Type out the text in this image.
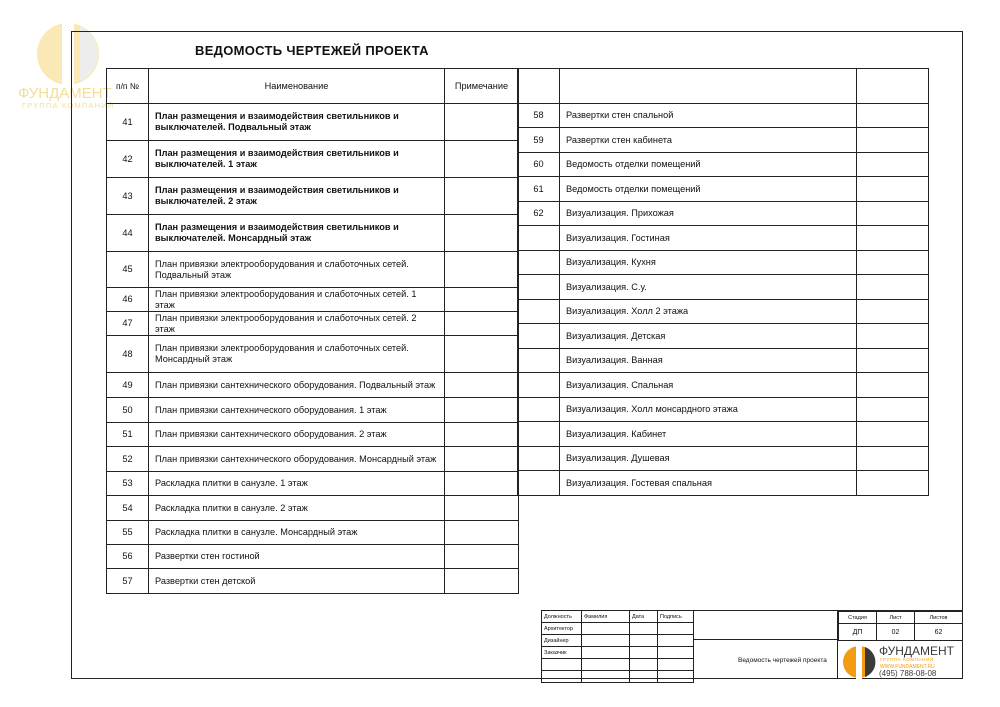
ФУНДАМЕНТ
ГРУППА КОМПАНИЙ
ВЕДОМОСТЬ ЧЕРТЕЖЕЙ ПРОЕКТА
п/п №	Наименование	Примечание
41	План размещения и взаимодействия светильников и выключателей. Подвальный этаж	
42	План размещения и взаимодействия светильников и выключателей. 1 этаж	
43	План размещения и взаимодействия светильников и выключателей. 2 этаж	
44	План размещения и взаимодействия светильников и выключателей. Монсардный этаж	
45	План привязки электрооборудования и слаботочных сетей. Подвальный этаж	
46	План привязки электрооборудования и слаботочных сетей. 1 этаж	
47	План привязки электрооборудования и слаботочных сетей. 2 этаж	
48	План привязки электрооборудования и слаботочных сетей. Монсардный этаж	
49	План привязки сантехнического оборудования. Подвальный этаж	
50	План привязки сантехнического оборудования. 1 этаж	
51	План привязки сантехнического оборудования. 2 этаж	
52	План привязки сантехнического оборудования. Монсардный этаж	
53	Раскладка плитки в санузле. 1 этаж	
54	Раскладка плитки в санузле. 2 этаж	
55	Раскладка плитки в санузле. Монсардный этаж	
56	Развертки стен гостиной	
57	Развертки стен детской	

58	Развертки стен спальной	
59	Развертки стен кабинета	
60	Ведомость отделки помещений	
61	Ведомость отделки помещений	
62	Визуализация. Прихожая	
	Визуализация. Гостиная	
	Визуализация. Кухня	
	Визуализация. С.у.	
	Визуализация. Холл 2 этажа	
	Визуализация. Детская	
	Визуализация. Ванная	
	Визуализация. Спальная	
	Визуализация. Холл монсардного этажа	
	Визуализация. Кабинет	
	Визуализация. Душевая	
	Визуализация. Гостевая спальная	
Должность	Фамилия	Дата	Подпись
Архитектор			
Дизайнер			
Заказчик			

Ведомость чертежей проекта
Стадия	Лист	Листов
ДП	02	62
ФУНДАМЕНТ
ГРУППА КОМПАНИЙ
WWW.FUNDAMENT.RU
(495) 788-08-08
